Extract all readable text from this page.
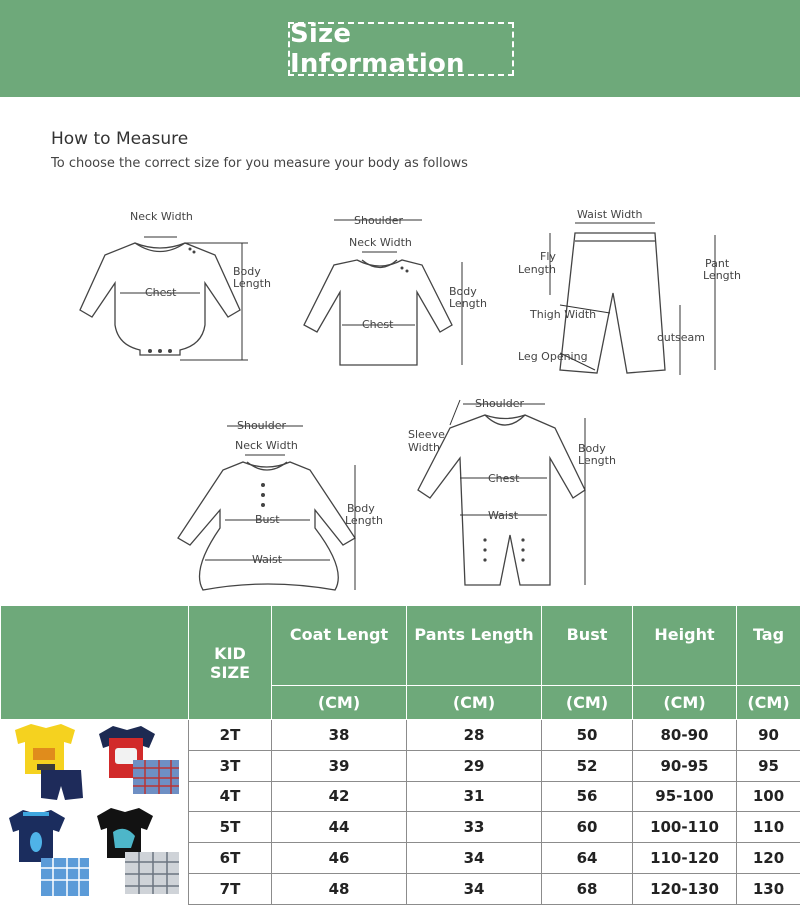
Size Information
How to Measure
To choose the correct size for you measure your body as follows
Neck Width
Chest
Body
Length
Shoulder
Neck Width
Chest
Body
Length
Waist Width
Fly
Length	Pant
Length
Thigh Width
outseam
Leg Opening
Shoulder
Neck Width
Bust
Waist
Body
Length
Shoulder
Sleeve
Width
Chest
Waist
Body
Length

	KID
SIZE	Coat Lengt	Pants Length	Bust	Height	Tag
		(CM)	(CM)	(CM)	(CM)	(CM)
	2T	38	28	50	80-90	90
	3T	39	29	52	90-95	95
	4T	42	31	56	95-100	100
	5T	44	33	60	100-110	110
	6T	46	34	64	110-120	120
	7T	48	34	68	120-130	130
